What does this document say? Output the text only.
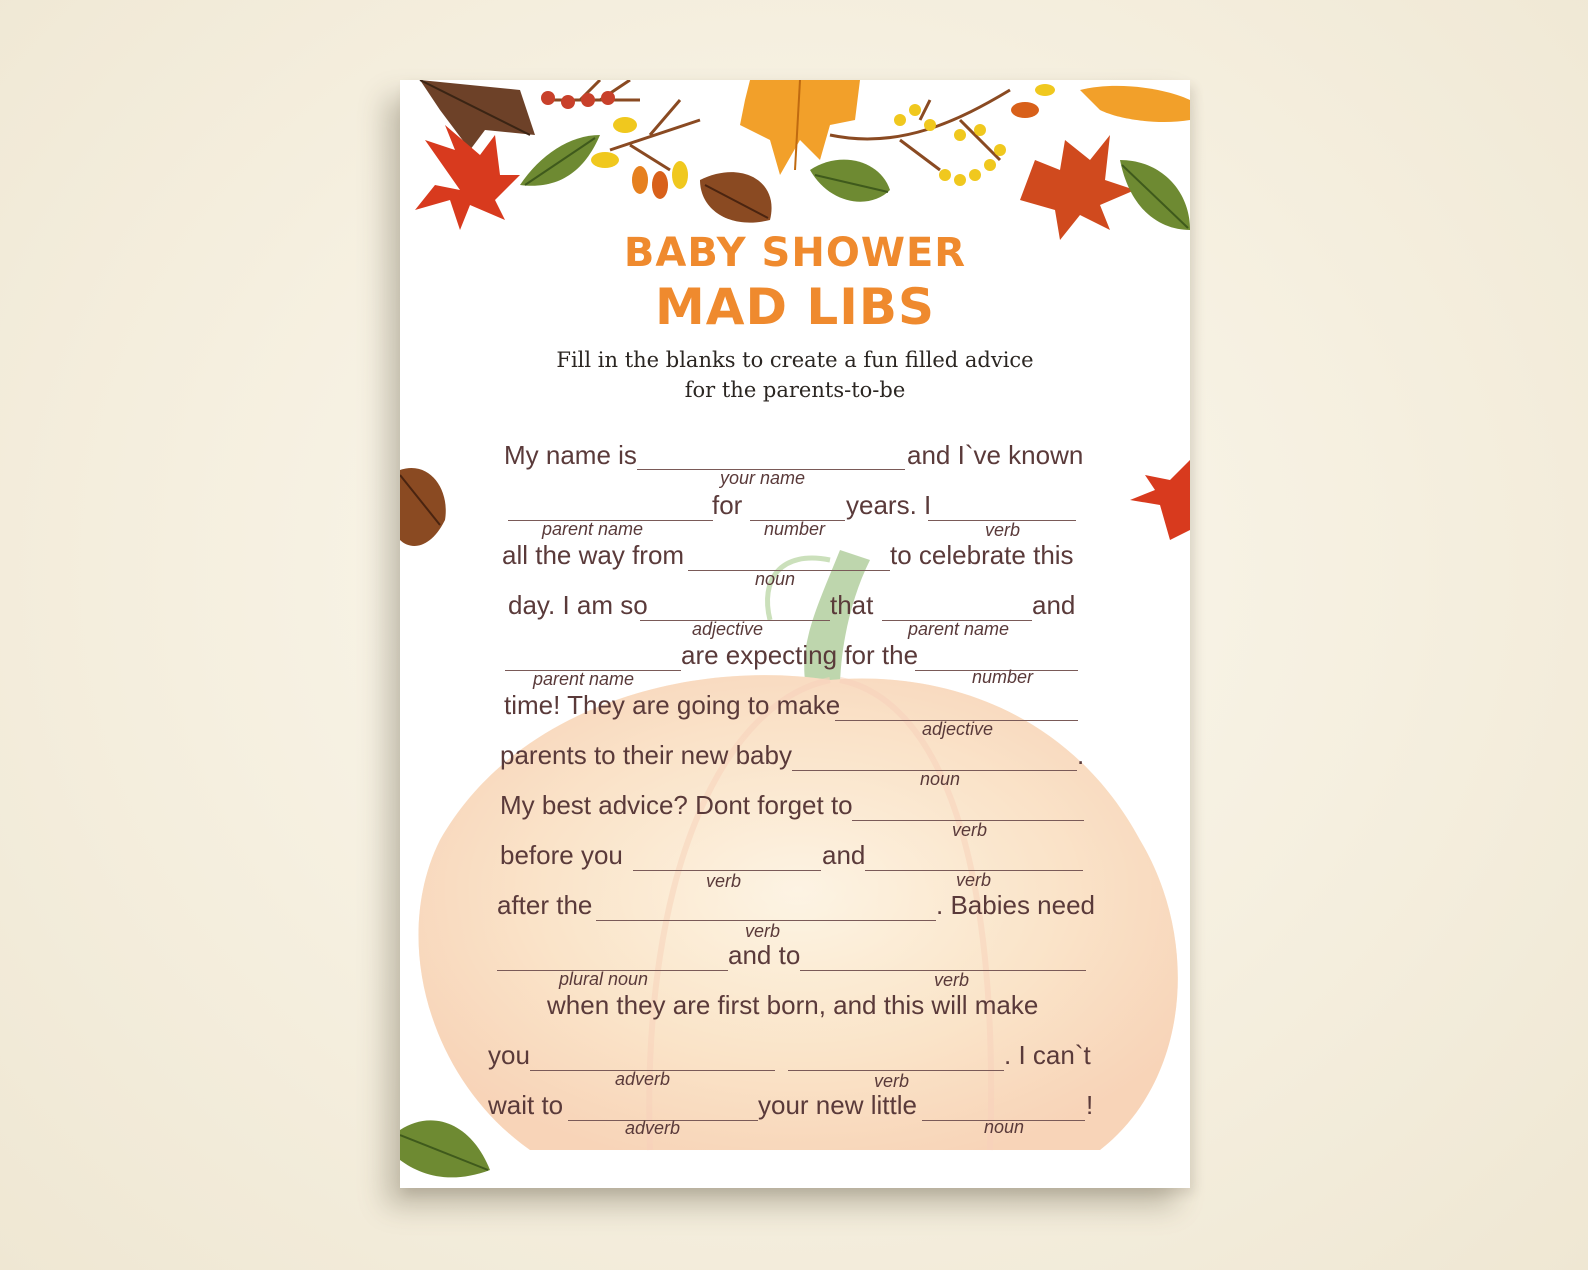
BABY SHOWER
MAD LIBS

Fill in the blanks to create a fun filled advice

for the parents-to-be

My name is
your name
and I`ve known
parent name
for
number
years. I
verb
all the way from
noun
to celebrate this
day. I am so
adjective
that
parent name
and
parent name
are expecting for the
number
time! They are going to make
adjective
parents to their new baby
noun
.
My best advice? Dont forget to
verb
before you
verb
and
verb
after the
verb
. Babies need
plural noun
and to
verb
when they are first born, and this will make
you
adverb	verb
. I can`t
wait to
adverb
your new little
noun
!
